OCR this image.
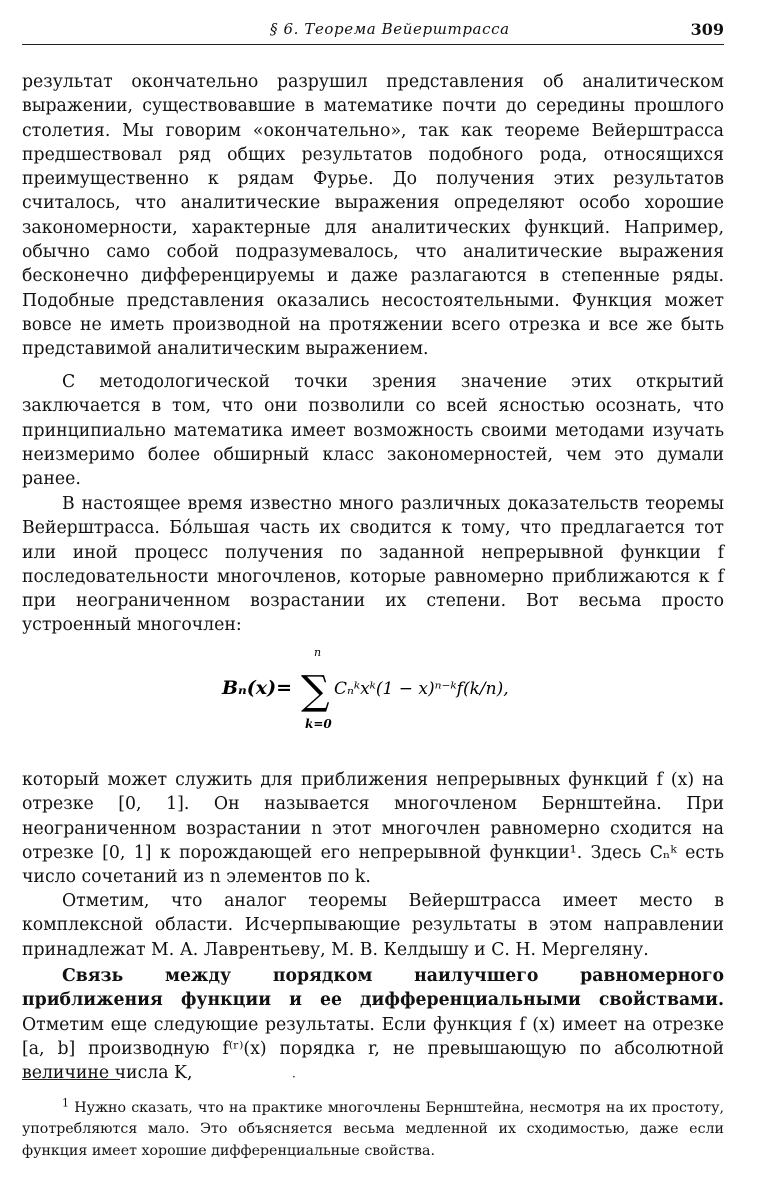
§ 6. Теорема Вейерштрасса	309

результат окончательно разрушил представления об аналитическом выражении, существовавшие в математике почти до середины прошлого столетия. Мы говорим «окончательно», так как теореме Вейерштрасса предшествовал ряд общих результатов подобного рода, относящихся преимущественно к рядам Фурье. До получения этих результатов считалось, что аналитические выражения определяют особо хорошие закономерности, характерные для аналитических функций. Например, обычно само собой подразумевалось, что аналитические выражения бесконечно дифференцируемы и даже разлагаются в степенные ряды. Подобные представления оказались несостоятельными. Функция может вовсе не иметь производной на протяжении всего отрезка и все же быть представимой аналитическим выражением.

С методологической точки зрения значение этих открытий заключается в том, что они позволили со всей ясностью осознать, что принципиально математика имеет возможность своими методами изучать неизмеримо более обширный класс закономерностей, чем это думали ранее.

В настоящее время известно много различных доказательств теоремы Вейерштрасса. Бо́льшая часть их сводится к тому, что предлагается тот или иной процесс получения по заданной непрерывной функции f последовательности многочленов, которые равномерно приближаются к f при неограниченном возрастании их степени. Вот весьма просто устроенный многочлен:

Bₙ(x)=
n
∑
k=0
Cₙᵏxᵏ(1 − x)ⁿ⁻ᵏf(k/n),

который может служить для приближения непрерывных функций f (x) на отрезке [0, 1]. Он называется многочленом Бернштейна. При неограниченном возрастании n этот многочлен равномерно сходится на отрезке [0, 1] к порождающей его непрерывной функции¹. Здесь Cₙᵏ есть число сочетаний из n элементов по k.

Отметим, что аналог теоремы Вейерштрасса имеет место в комплексной области. Исчерпывающие результаты в этом направлении принадлежат М. А. Лаврентьеву, М. В. Келдышу и С. Н. Мергеляну.

Связь между порядком наилучшего равномерного приближения функции и ее дифференциальными свойствами. Отметим еще следующие результаты. Если функция f (x) имеет на отрезке [a, b] производную f⁽ʳ⁾(x) порядка r, не превышающую по абсолютной величине числа K,	·

$^1$ Нужно сказать, что на практике многочлены Бернштейна, несмотря на их простоту, употребляются мало. Это объясняется весьма медленной их сходимостью, даже если функция имеет хорошие дифференциальные свойства.
